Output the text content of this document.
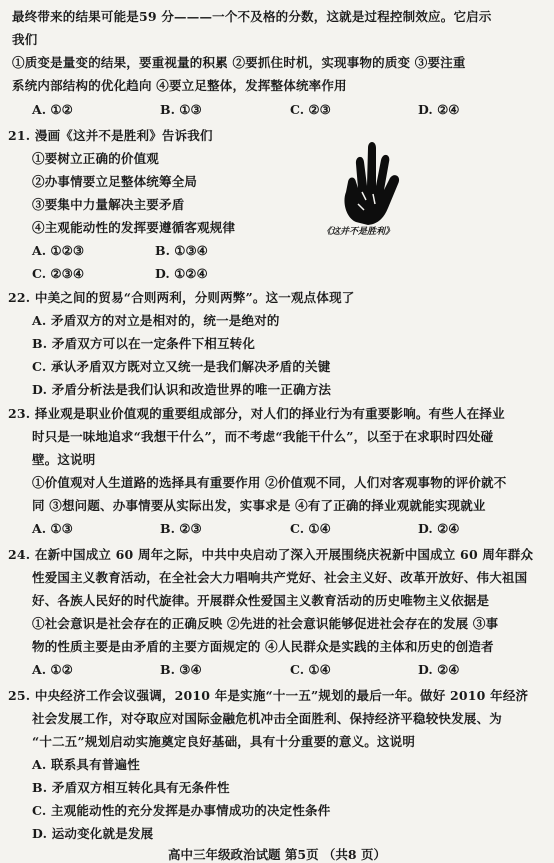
最终带来的结果可能是59 分———一个不及格的分数，这就是过程控制效应。它启示
我们
①质变是量变的结果，要重视量的积累 ②要抓住时机，实现事物的质变 ③要注重
系统内部结构的优化趋向 ④要立足整体，发挥整体统率作用
A. ①②	B. ①③	C. ②③	D. ②④
21. 漫画《这并不是胜利》告诉我们
①要树立正确的价值观
②办事情要立足整体统筹全局
③要集中力量解决主要矛盾
④主观能动性的发挥要遵循客观规律
A. ①②③	B. ①③④
C. ②③④	D. ①②④
《这并不是胜利》
22. 中美之间的贸易“合则两利，分则两弊”。这一观点体现了
A. 矛盾双方的对立是相对的，统一是绝对的
B. 矛盾双方可以在一定条件下相互转化
C. 承认矛盾双方既对立又统一是我们解决矛盾的关键
D. 矛盾分析法是我们认识和改造世界的唯一正确方法
23. 择业观是职业价值观的重要组成部分，对人们的择业行为有重要影响。有些人在择业
时只是一味地追求“我想干什么”，而不考虑“我能干什么”，以至于在求职时四处碰
壁。这说明
①价值观对人生道路的选择具有重要作用 ②价值观不同，人们对客观事物的评价就不
同 ③想问题、办事情要从实际出发，实事求是 ④有了正确的择业观就能实现就业
A. ①③	B. ②③	C. ①④	D. ②④
24. 在新中国成立 60 周年之际，中共中央启动了深入开展围绕庆祝新中国成立 60 周年群众
性爱国主义教育活动，在全社会大力唱响共产党好、社会主义好、改革开放好、伟大祖国
好、各族人民好的时代旋律。开展群众性爱国主义教育活动的历史唯物主义依据是
①社会意识是社会存在的正确反映 ②先进的社会意识能够促进社会存在的发展 ③事
物的性质主要是由矛盾的主要方面规定的 ④人民群众是实践的主体和历史的创造者
A. ①②	B. ③④	C. ①④	D. ②④
25. 中央经济工作会议强调，2010 年是实施“十一五”规划的最后一年。做好 2010 年经济
社会发展工作，对夺取应对国际金融危机冲击全面胜利、保持经济平稳较快发展、为
“十二五”规划启动实施奠定良好基础，具有十分重要的意义。这说明
A. 联系具有普遍性
B. 矛盾双方相互转化具有无条件性
C. 主观能动性的充分发挥是办事情成功的决定性条件
D. 运动变化就是发展
高中三年级政治试题 第5页 （共8 页）
